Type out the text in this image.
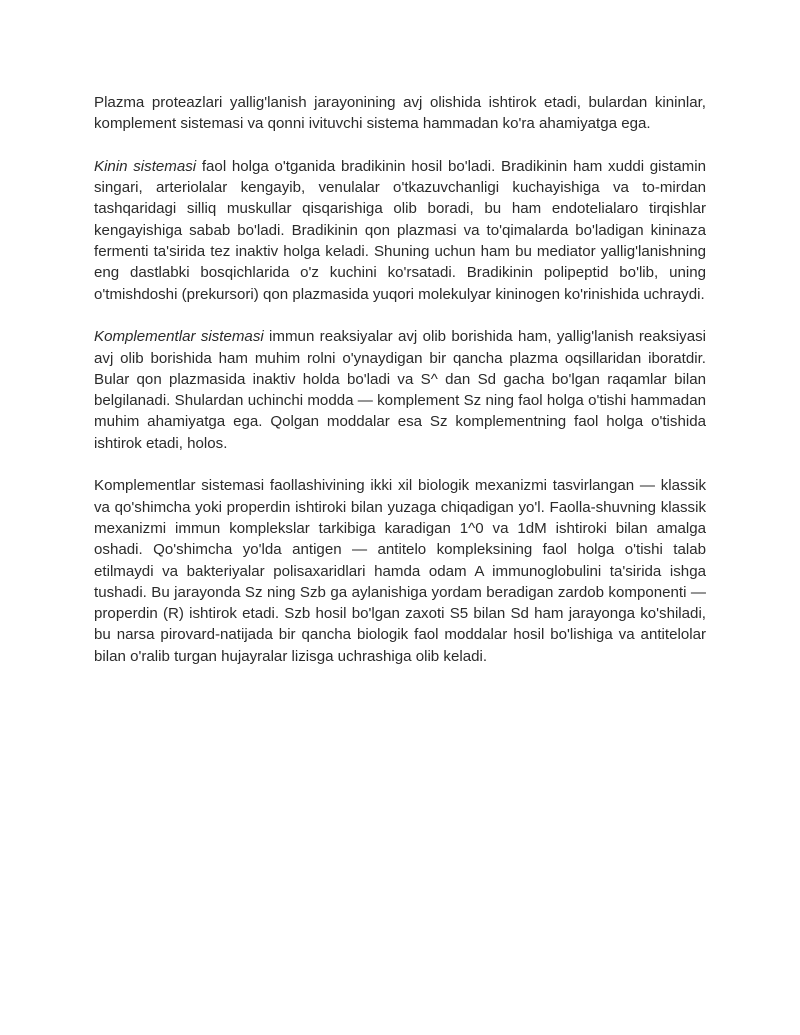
Plazma proteazlari yallig'lanish jarayonining avj olishida ishtirok etadi, bulardan kininlar, komplement sistemasi va qonni ivituvchi sistema hammadan ko'ra ahamiyatga ega.

Kinin sistemasi faol holga o'tganida bradikinin hosil bo'ladi. Bradikinin ham xuddi gistamin singari, arteriolalar kengayib, venulalar o'tkazuvchanligi kuchayishiga va to-mirdan tashqaridagi silliq muskullar qisqarishiga olib boradi, bu ham endotelialaro tirqishlar kengayishiga sabab bo'ladi. Bradikinin qon plazmasi va to'qimalarda bo'ladigan kininaza fermenti ta'sirida tez inaktiv holga keladi. Shuning uchun ham bu mediator yallig'lanishning eng dastlabki bosqichlarida o'z kuchini ko'rsatadi. Bradikinin polipeptid bo'lib, uning o'tmishdoshi (prekursori) qon plazmasida yuqori molekulyar kininogen ko'rinishida uchraydi.

Komplementlar sistemasi immun reaksiyalar avj olib borishida ham, yallig'lanish reaksiyasi avj olib borishida ham muhim rolni o'ynaydigan bir qancha plazma oqsillaridan iboratdir. Bular qon plazmasida inaktiv holda bo'ladi va S^ dan Sd gacha bo'lgan raqamlar bilan belgilanadi. Shulardan uchinchi modda — komplement Sz ning faol holga o'tishi hammadan muhim ahamiyatga ega. Qolgan moddalar esa Sz komplementning faol holga o'tishida ishtirok etadi, holos.

Komplementlar sistemasi faollashivining ikki xil biologik mexanizmi tasvirlangan — klassik va qo'shimcha yoki properdin ishtiroki bilan yuzaga chiqadigan yo'l. Faolla-shuvning klassik mexanizmi immun komplekslar tarkibiga karadigan 1^0 va 1dM ishtiroki bilan amalga oshadi. Qo'shimcha yo'lda antigen — antitelo kompleksining faol holga o'tishi talab etilmaydi va bakteriyalar polisaxaridlari hamda odam A immunoglobulini ta'sirida ishga tushadi. Bu jarayonda Sz ning Szb ga aylanishiga yordam beradigan zardob komponenti — properdin (R) ishtirok etadi. Szb hosil bo'lgan zaxoti S5 bilan Sd ham jarayonga ko'shiladi, bu narsa pirovard-natijada bir qancha biologik faol moddalar hosil bo'lishiga va antitelolar bilan o'ralib turgan hujayralar lizisga uchrashiga olib keladi.
